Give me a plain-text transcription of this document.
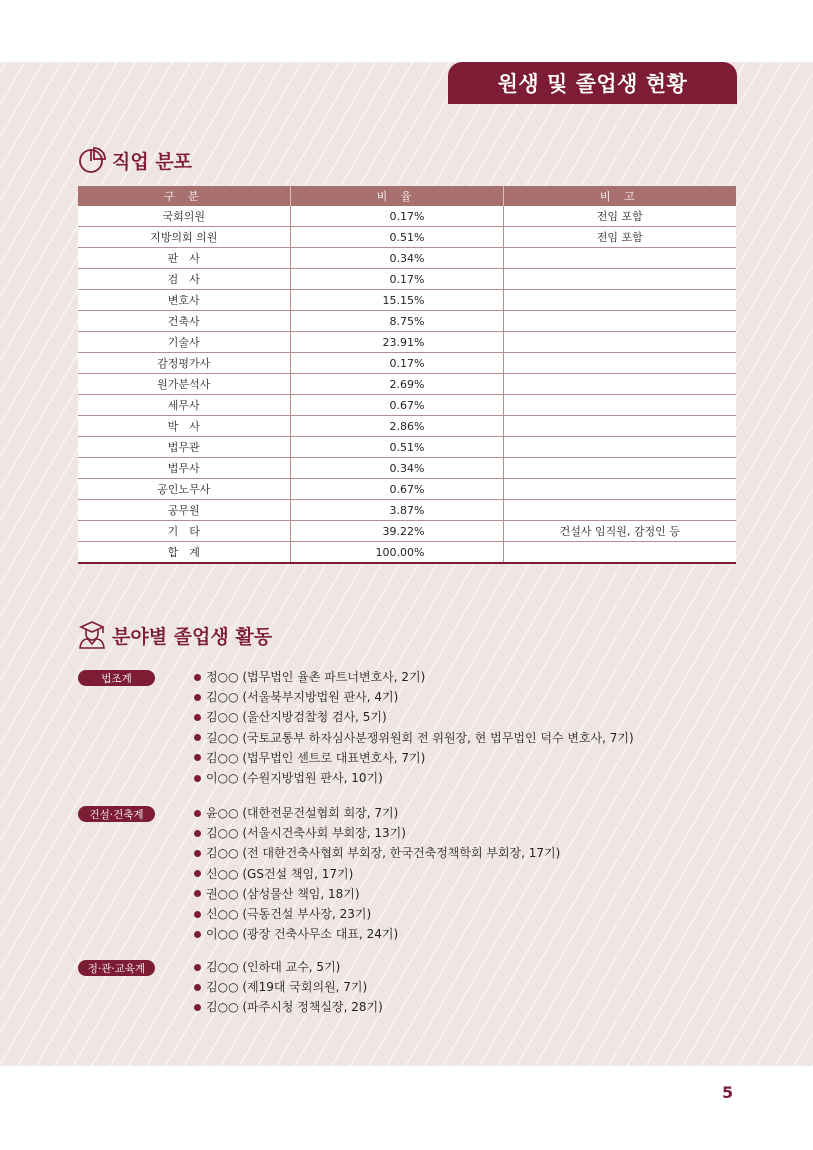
원생 및 졸업생 현황
직업 분포
구 분	비 율	비 고
국회의원	0.17%	전임 포함
지방의회 의원	0.51%	전임 포함
판　사	0.34%	
검　사	0.17%	
변호사	15.15%	
건축사	8.75%	
기술사	23.91%	
감정평가사	0.17%	
원가분석사	2.69%	
세무사	0.67%	
박　사	2.86%	
법무관	0.51%	
법무사	0.34%	
공인노무사	0.67%	
공무원	3.87%	
기　타	39.22%	건설사 임직원, 감정인 등
합　계	100.00%	
분야별 졸업생 활동
법조계	정○○ (법무법인 율촌 파트너변호사, 2기)
김○○ (서울북부지방법원 판사, 4기)
김○○ (울산지방검찰청 검사, 5기)
길○○ (국토교통부 하자심사분쟁위원회 전 위원장, 현 법무법인 덕수 변호사, 7기)
김○○ (법무법인 센트로 대표변호사, 7기)
이○○ (수원지방법원 판사, 10기)
건설·건축계	윤○○ (대한전문건설협회 회장, 7기)
김○○ (서울시건축사회 부회장, 13기)
김○○ (전 대한건축사협회 부회장, 한국건축정책학회 부회장, 17기)
신○○ (GS건설 책임, 17기)
권○○ (삼성물산 책임, 18기)
신○○ (극동건설 부사장, 23기)
이○○ (광장 건축사무소 대표, 24기)
정·관·교육계	김○○ (인하대 교수, 5기)
김○○ (제19대 국회의원, 7기)
김○○ (파주시청 정책실장, 28기)
5
